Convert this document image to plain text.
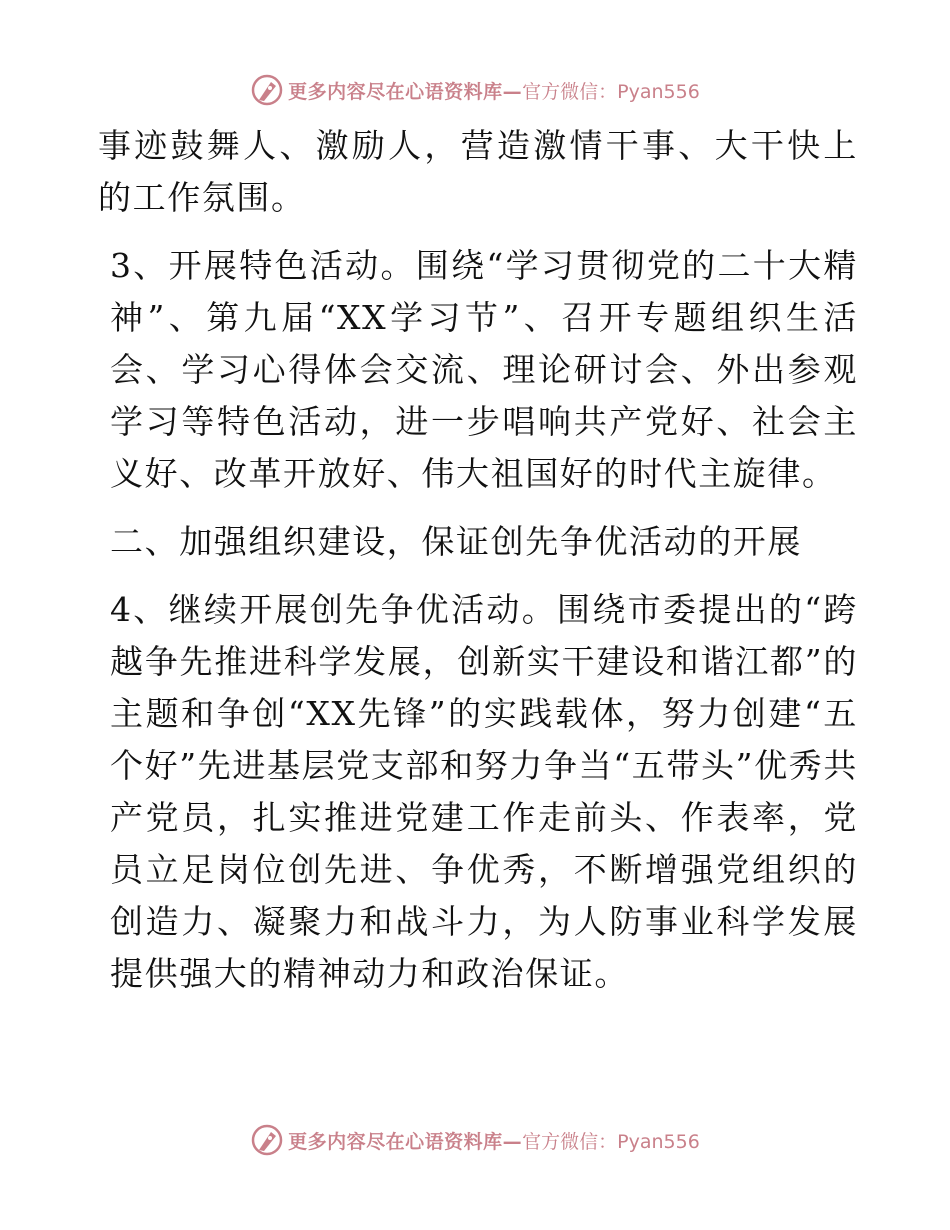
更多内容尽在心语资料库— 官方微信：Pyan556

事迹鼓舞人、激励人，营造激情干事、大干快上的工作氛围。

3、开展特色活动。围绕“学习贯彻党的二十大精神”、第九届“XX学习节”、召开专题组织生活会、学习心得体会交流、理论研讨会、外出参观学习等特色活动，进一步唱响共产党好、社会主义好、改革开放好、伟大祖国好的时代主旋律。

二、加强组织建设，保证创先争优活动的开展

4、继续开展创先争优活动。围绕市委提出的“跨越争先推进科学发展，创新实干建设和谐江都”的主题和争创“XX先锋”的实践载体，努力创建“五个好”先进基层党支部和努力争当“五带头”优秀共产党员，扎实推进党建工作走前头、作表率，党员立足岗位创先进、争优秀，不断增强党组织的创造力、凝聚力和战斗力，为人防事业科学发展提供强大的精神动力和政治保证。

更多内容尽在心语资料库— 官方微信：Pyan556
